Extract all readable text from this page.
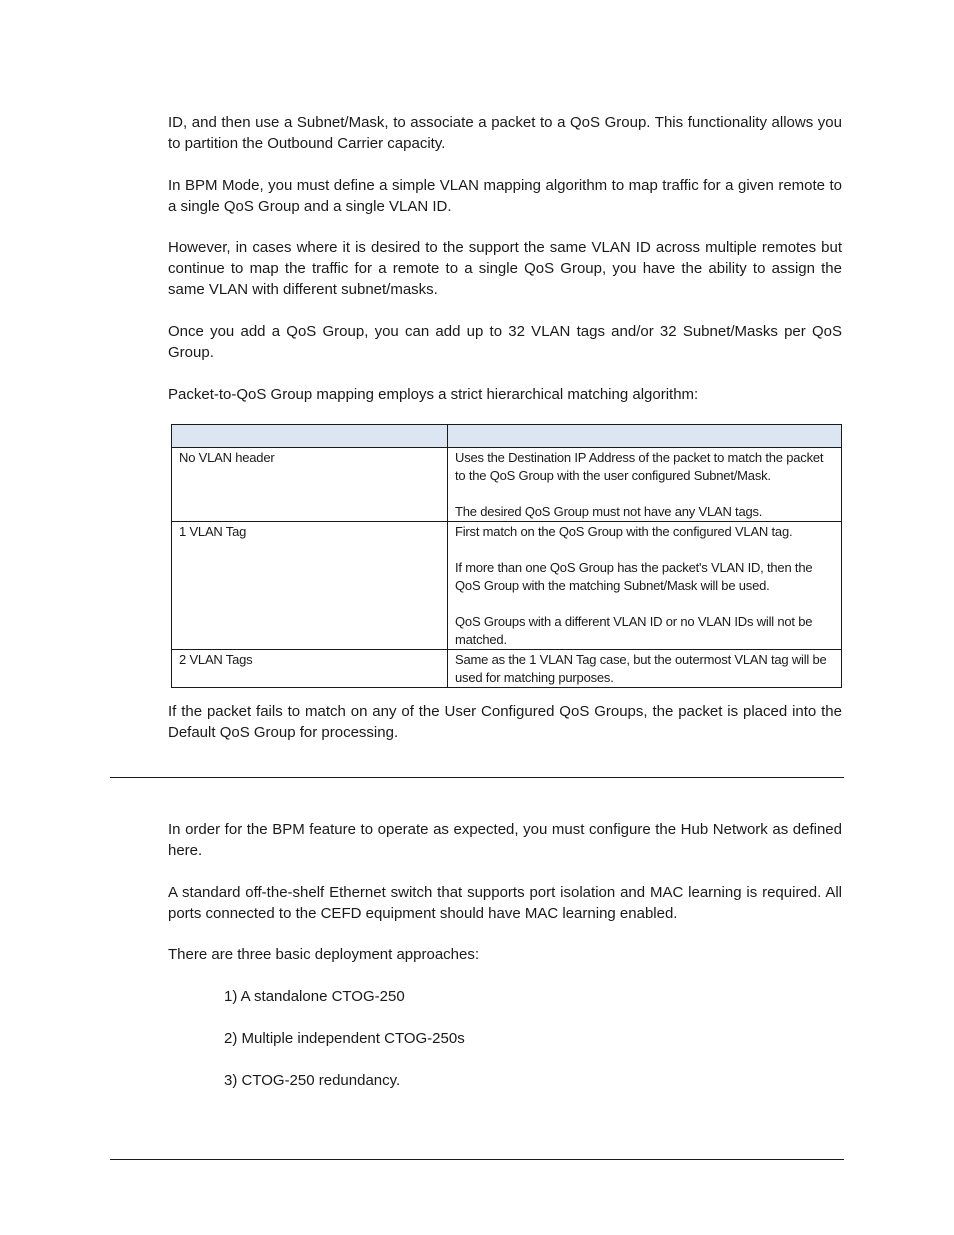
ID, and then use a Subnet/Mask, to associate a packet to a QoS Group. This functionality allows you to partition the Outbound Carrier capacity.

In BPM Mode, you must define a simple VLAN mapping algorithm to map traffic for a given remote to a single QoS Group and a single VLAN ID.

However, in cases where it is desired to the support the same VLAN ID across multiple remotes but continue to map the traffic for a remote to a single QoS Group, you have the ability to assign the same VLAN with different subnet/masks.

Once you add a QoS Group, you can add up to 32 VLAN tags and/or 32 Subnet/Masks per QoS Group.

Packet-to-QoS Group mapping employs a strict hierarchical matching algorithm:

No VLAN header	Uses the Destination IP Address of the packet to match the packet to the QoS Group with the user configured Subnet/Mask.
The desired QoS Group must not have any VLAN tags.

1 VLAN Tag	First match on the QoS Group with the configured VLAN tag.
If more than one QoS Group has the packet's VLAN ID, then the QoS Group with the matching Subnet/Mask will be used.
QoS Groups with a different VLAN ID or no VLAN IDs will not be matched.

2 VLAN Tags	Same as the 1 VLAN Tag case, but the outermost VLAN tag will be used for matching purposes.

If the packet fails to match on any of the User Configured QoS Groups, the packet is placed into the Default QoS Group for processing.

In order for the BPM feature to operate as expected, you must configure the Hub Network as defined here.

A standard off-the-shelf Ethernet switch that supports port isolation and MAC learning is required. All ports connected to the CEFD equipment should have MAC learning enabled.

There are three basic deployment approaches:

1) A standalone CTOG-250

2) Multiple independent CTOG-250s

3) CTOG-250 redundancy.
